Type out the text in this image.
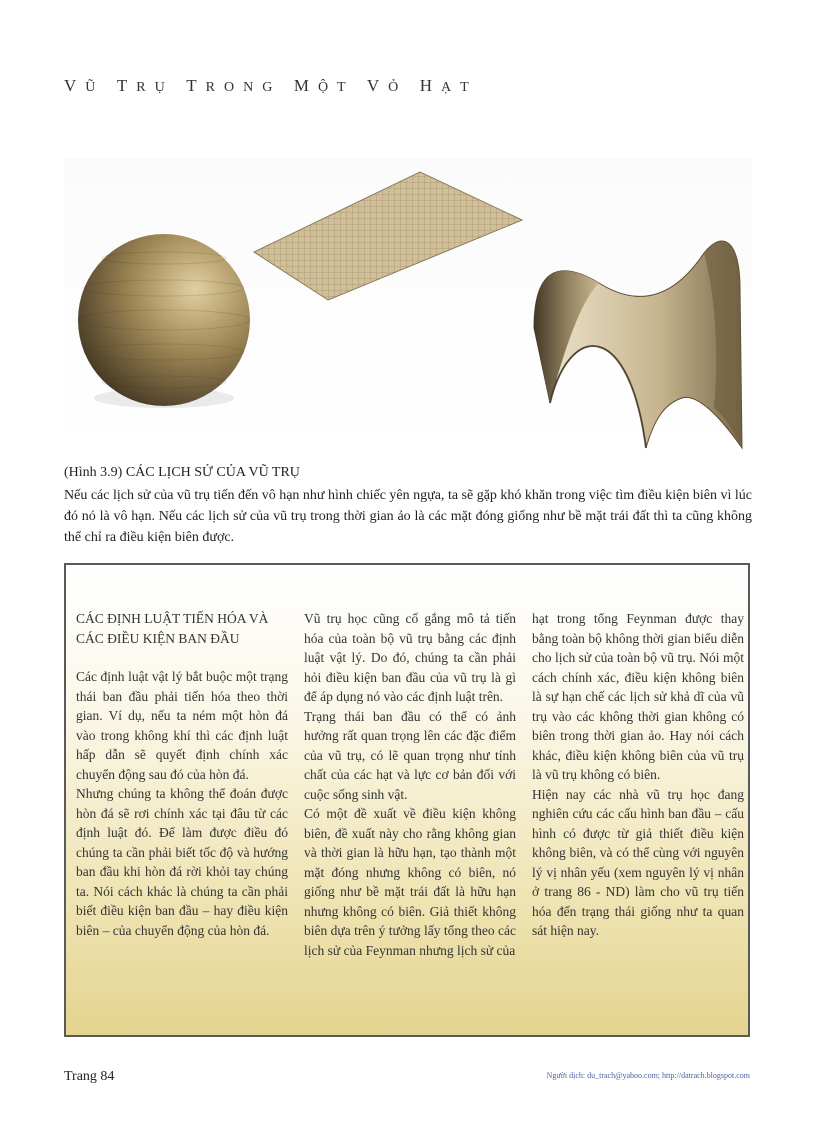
VŨ TRỤ TRONG MỘT VỎ HẠT
(Hình 3.9) CÁC LỊCH SỬ CỦA VŨ TRỤ
Nếu các lịch sử của vũ trụ tiến đến vô hạn như hình chiếc yên ngựa, ta sẽ gặp khó khăn trong việc tìm điều kiện biên vì lúc đó nó là vô hạn. Nếu các lịch sử của vũ trụ trong thời gian ảo là các mặt đóng giống như bề mặt trái đất thì ta cũng không thể chỉ ra điều kiện biên được.

CÁC ĐỊNH LUẬT TIẾN HÓA VÀ CÁC ĐIỀU KIỆN BAN ĐẦU

Các định luật vật lý bắt buộc một trạng thái ban đầu phải tiến hóa theo thời gian. Ví dụ, nếu ta ném một hòn đá vào trong không khí thì các định luật hấp dẫn sẽ quyết định chính xác chuyển động sau đó của hòn đá.

Nhưng chúng ta không thể đoán được hòn đá sẽ rơi chính xác tại đâu từ các định luật đó. Để làm được điều đó chúng ta cần phải biết tốc độ và hướng ban đầu khi hòn đá rời khỏi tay chúng ta. Nói cách khác là chúng ta cần phải biết điều kiện ban đầu – hay điều kiện biên – của chuyển động của hòn đá.

Vũ trụ học cũng cố gắng mô tả tiến hóa của toàn bộ vũ trụ bằng các định luật vật lý. Do đó, chúng ta cần phải hỏi điều kiện ban đầu của vũ trụ là gì để áp dụng nó vào các định luật trên.

Trạng thái ban đầu có thể có ảnh hưởng rất quan trọng lên các đặc điểm của vũ trụ, có lẽ quan trọng như tính chất của các hạt và lực cơ bản đối với cuộc sống sinh vật.

Có một đề xuất về điều kiện không biên, đề xuất này cho rằng không gian và thời gian là hữu hạn, tạo thành một mặt đóng nhưng không có biên, nó giống như bề mặt trái đất là hữu hạn nhưng không có biên. Giả thiết không biên dựa trên ý tưởng lấy tổng theo các lịch sử của Feynman nhưng lịch sử của

hạt trong tổng Feynman được thay bằng toàn bộ không thời gian biểu diễn cho lịch sử của toàn bộ vũ trụ. Nói một cách chính xác, điều kiện không biên là sự hạn chế các lịch sử khả dĩ của vũ trụ vào các không thời gian không có biên trong thời gian ảo. Hay nói cách khác, điều kiện không biên của vũ trụ là vũ trụ không có biên.

Hiện nay các nhà vũ trụ học đang nghiên cứu các cấu hình ban đầu – cấu hình có được từ giả thiết điều kiện không biên, và có thể cùng với nguyên lý vị nhân yếu (xem nguyên lý vị nhân ở trang 86 - ND) làm cho vũ trụ tiến hóa đến trạng thái giống như ta quan sát hiện nay.

Trang 84	Người dịch: du_trach@yahoo.com; http://datrach.blogspot.com
